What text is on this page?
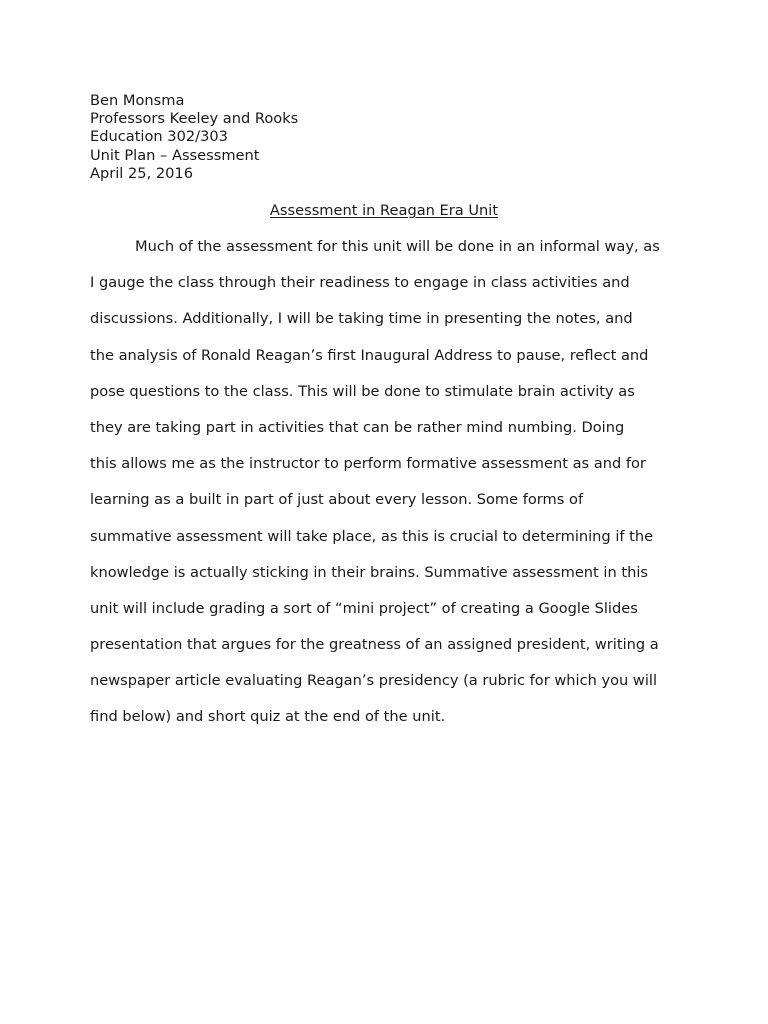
Ben Monsma
Professors Keeley and Rooks
Education 302/303
Unit Plan – Assessment
April 25, 2016
Assessment in Reagan Era Unit
Much of the assessment for this unit will be done in an informal way, as
I gauge the class through their readiness to engage in class activities and
discussions. Additionally, I will be taking time in presenting the notes, and
the analysis of Ronald Reagan’s first Inaugural Address to pause, reflect and
pose questions to the class. This will be done to stimulate brain activity as
they are taking part in activities that can be rather mind numbing. Doing
this allows me as the instructor to perform formative assessment as and for
learning as a built in part of just about every lesson. Some forms of
summative assessment will take place, as this is crucial to determining if the
knowledge is actually sticking in their brains. Summative assessment in this
unit will include grading a sort of “mini project” of creating a Google Slides
presentation that argues for the greatness of an assigned president, writing a
newspaper article evaluating Reagan’s presidency (a rubric for which you will
find below) and short quiz at the end of the unit.
